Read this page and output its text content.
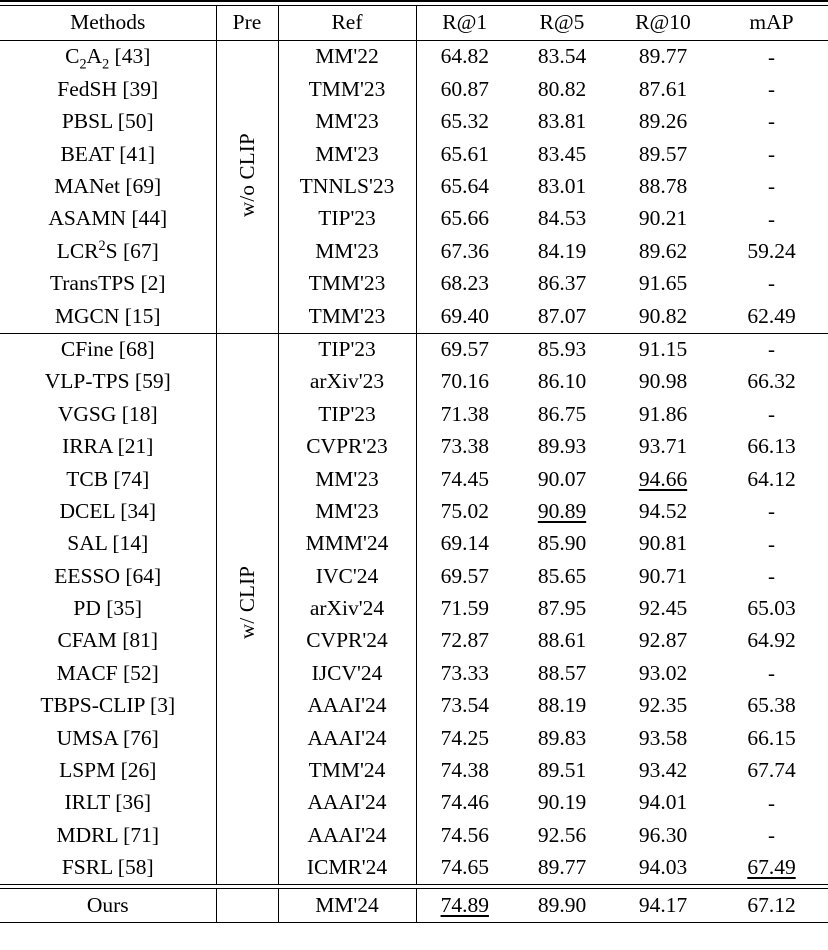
Methods	Pre	Ref	R@1	R@5	R@10	mAP

$C_2A_2$ [43]	w/o CLIP	MM'22	64.82	83.54	89.77	-
FedSH [39]		TMM'23	60.87	80.82	87.61	-
PBSL [50]		MM'23	65.32	83.81	89.26	-
BEAT [41]		MM'23	65.61	83.45	89.57	-
MANet [69]		TNNLS'23	65.64	83.01	88.78	-
ASAMN [44]		TIP'23	65.66	84.53	90.21	-
LCR$^2$S [67]		MM'23	67.36	84.19	89.62	59.24
TransTPS [2]		TMM'23	68.23	86.37	91.65	-
MGCN [15]		TMM'23	69.40	87.07	90.82	62.49

CFine [68]	w/ CLIP	TIP'23	69.57	85.93	91.15	-
VLP-TPS [59]		arXiv'23	70.16	86.10	90.98	66.32
VGSG [18]		TIP'23	71.38	86.75	91.86	-
IRRA [21]		CVPR'23	73.38	89.93	93.71	66.13
TCB [74]		MM'23	74.45	90.07	94.66	64.12
DCEL [34]		MM'23	75.02	90.89	94.52	-
SAL [14]		MMM'24	69.14	85.90	90.81	-
EESSO [64]		IVC'24	69.57	85.65	90.71	-
PD [35]		arXiv'24	71.59	87.95	92.45	65.03
CFAM [81]		CVPR'24	72.87	88.61	92.87	64.92
MACF [52]		IJCV'24	73.33	88.57	93.02	-
TBPS-CLIP [3]		AAAI'24	73.54	88.19	92.35	65.38
UMSA [76]		AAAI'24	74.25	89.83	93.58	66.15
LSPM [26]		TMM'24	74.38	89.51	93.42	67.74
IRLT [36]		AAAI'24	74.46	90.19	94.01	-
MDRL [71]		AAAI'24	74.56	92.56	96.30	-
FSRL [58]		ICMR'24	74.65	89.77	94.03	67.49

Ours		MM'24	74.89	89.90	94.17	67.12
